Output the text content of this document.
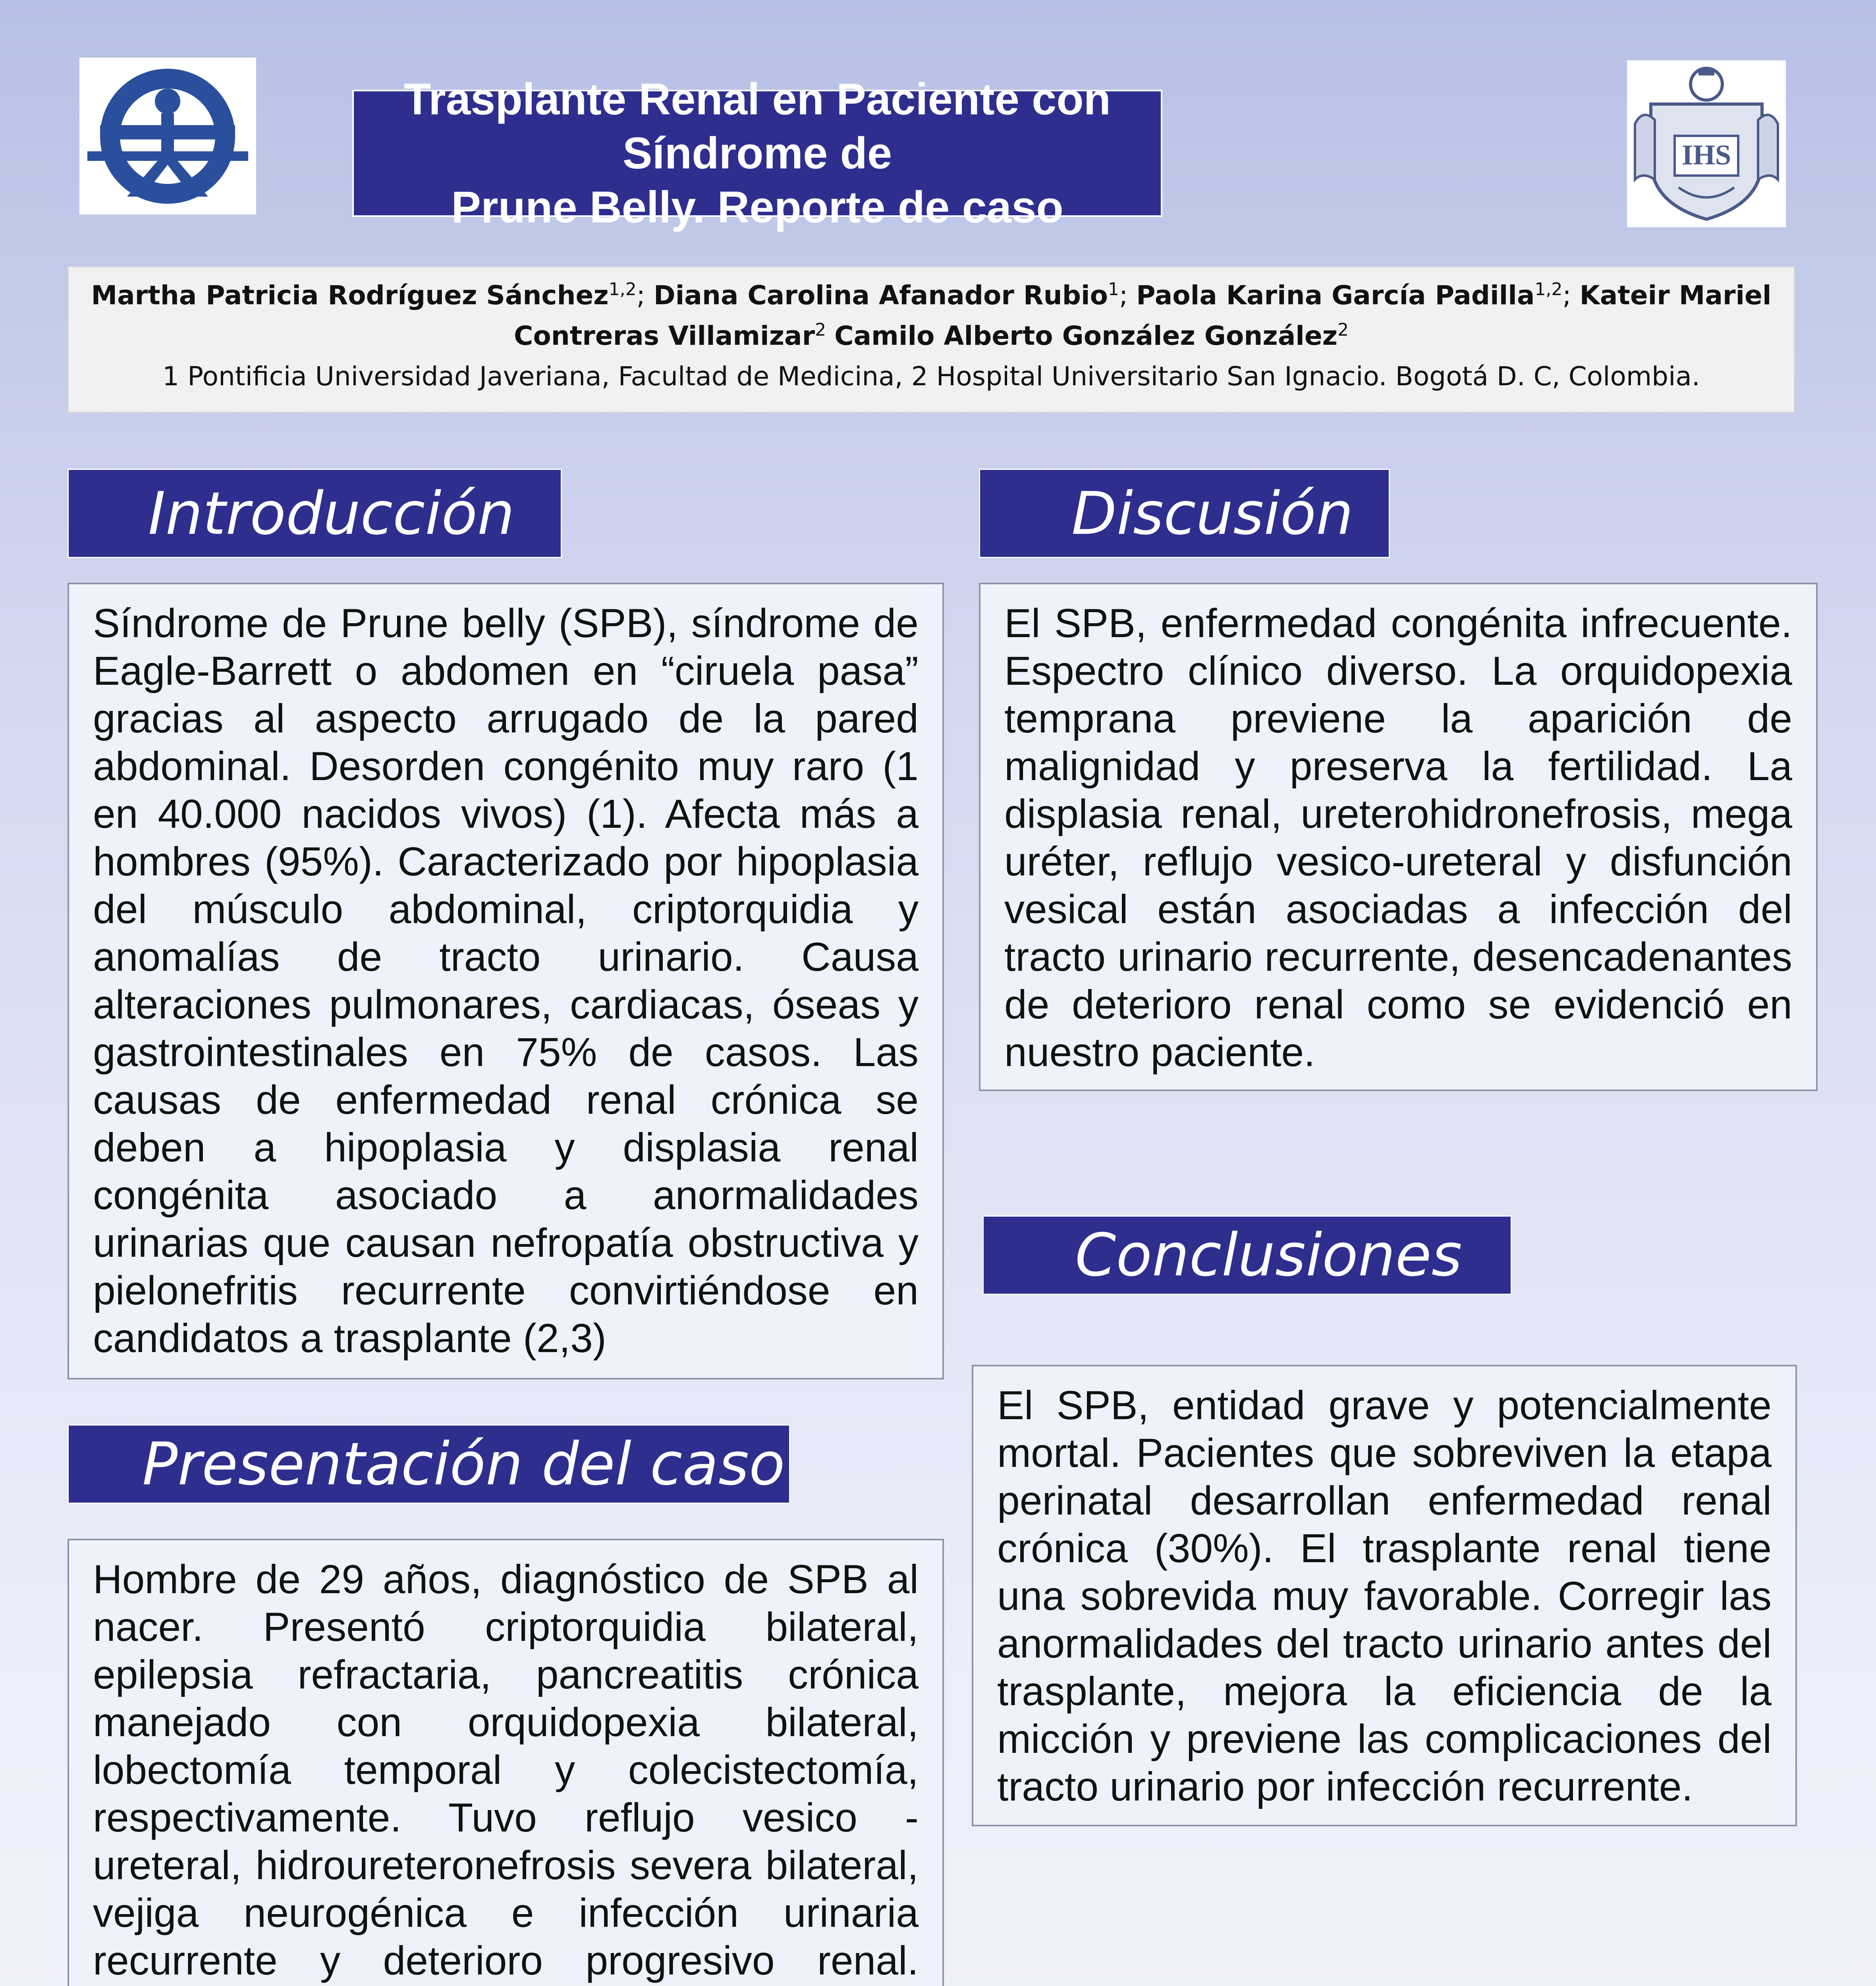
Trasplante Renal en Paciente con Síndrome de
Prune Belly. Reporte de caso
IHS
Martha Patricia Rodríguez Sánchez$^{1,2}$; Diana Carolina Afanador Rubio$^1$; Paola Karina García Padilla$^{1,2}$; Kateir Mariel
Contreras Villamizar$^2$ Camilo Alberto González González$^2$
1 Pontificia Universidad Javeriana, Facultad de Medicina, 2 Hospital Universitario San Ignacio. Bogotá D. C, Colombia.
Introducción
Síndrome de Prune belly (SPB), síndrome de Eagle-Barrett o abdomen en “ciruela pasa” gracias al aspecto arrugado de la pared abdominal. Desorden congénito muy raro (1 en 40.000 nacidos vivos) (1). Afecta más a hombres (95%). Caracterizado por hipoplasia del músculo abdominal, criptorquidia y anomalías de tracto urinario. Causa alteraciones pulmonares, cardiacas, óseas y gastrointestinales en 75% de casos. Las causas de enfermedad renal crónica se deben a hipoplasia y displasia renal congénita asociado a anormalidades urinarias que causan nefropatía obstructiva y pielonefritis recurrente convirtiéndose en candidatos a trasplante (2,3)
Presentación del caso
Hombre de 29 años, diagnóstico de SPB al nacer. Presentó criptorquidia bilateral, epilepsia refractaria, pancreatitis crónica manejado con orquidopexia bilateral, lobectomía temporal y colecistectomía, respectivamente. Tuvo reflujo vesico - ureteral, hidroureteronefrosis severa bilateral, vejiga neurogénica e infección urinaria recurrente y deterioro progresivo renal.
Discusión
El SPB, enfermedad congénita infrecuente. Espectro clínico diverso. La orquidopexia temprana previene la aparición de malignidad y preserva la fertilidad. La displasia renal, ureterohidronefrosis, mega uréter, reflujo vesico-ureteral y disfunción vesical están asociadas a infección del tracto urinario recurrente, desencadenantes de deterioro renal como se evidenció en nuestro paciente.
Conclusiones
El SPB, entidad grave y potencialmente mortal. Pacientes que sobreviven la etapa perinatal desarrollan enfermedad renal crónica (30%). El trasplante renal tiene una sobrevida muy favorable. Corregir las anormalidades del tracto urinario antes del trasplante, mejora la eficiencia de la micción y previene las complicaciones del tracto urinario por infección recurrente.
